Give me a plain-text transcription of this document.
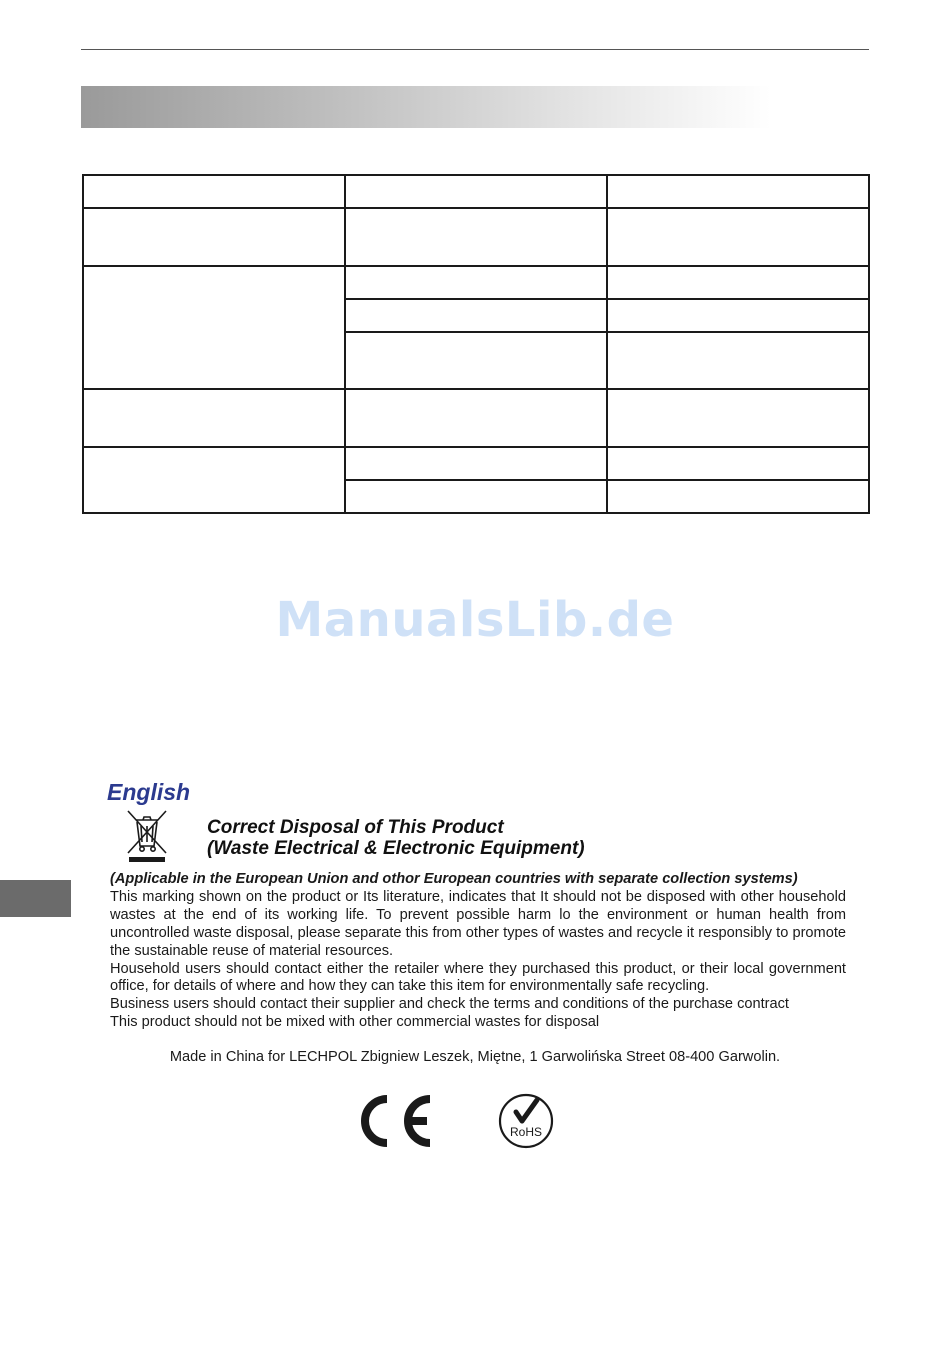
ManualsLib.de
English
Correct Disposal of This Product
(Waste Electrical & Electronic Equipment)

(Applicable in the European Union and othor European countries with separate collection systems)

This marking shown on the product or Its literature, indicates that It should not be disposed with other household wastes at the end of its working life. To prevent possible harm lo the environment or human health from uncontrolled waste disposal, please separate this from other types of wastes and recycle it responsibly to promote the sustainable reuse of material resources.

Household users should contact either the retailer where they purchased this product, or their local government office, for details of where and how they can take this item for environmentally safe recycling.

Business users should contact their supplier and check the terms and conditions of the purchase contract

This product should not be mixed with other commercial wastes for disposal

Made in China for LECHPOL Zbigniew Leszek, Miętne, 1 Garwolińska Street 08-400 Garwolin.
RoHS
